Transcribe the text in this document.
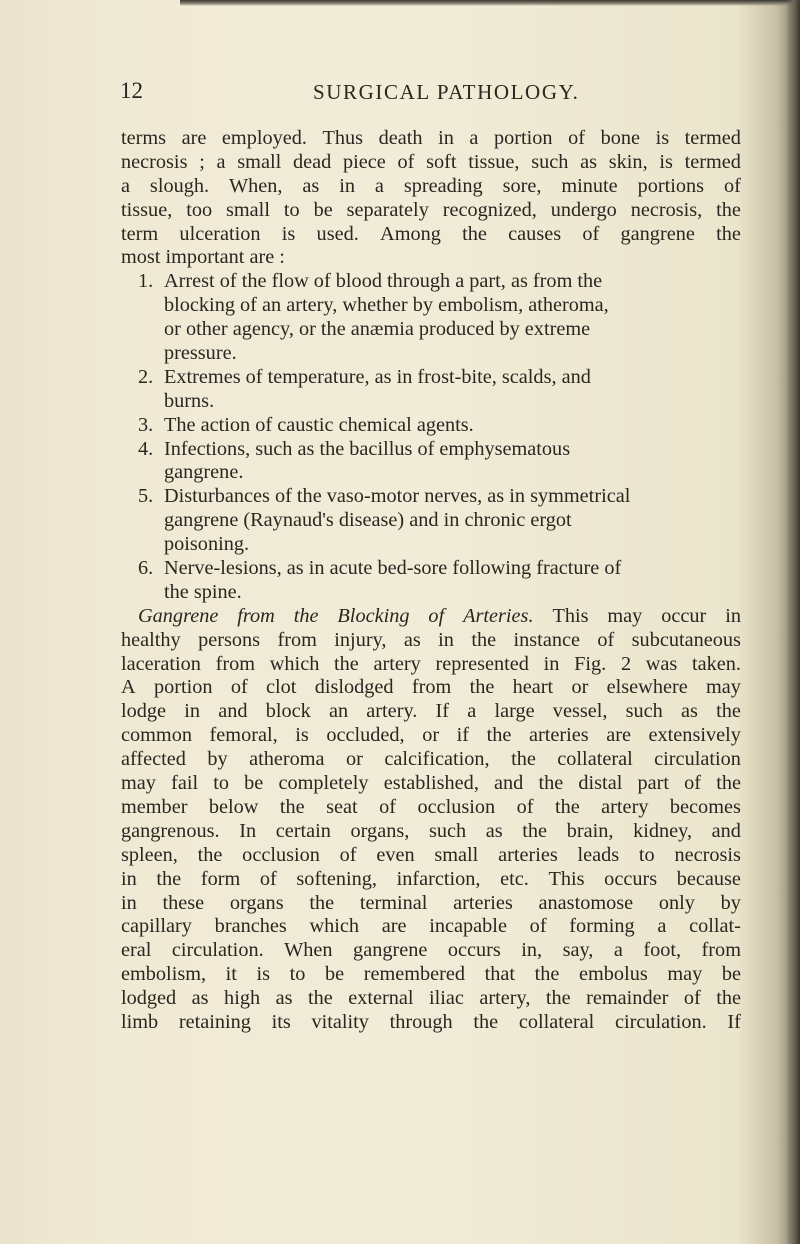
12	SURGICAL PATHOLOGY.
terms are employed. Thus death in a portion of bone is termed
necrosis ; a small dead piece of soft tissue, such as skin, is termed
a slough. When, as in a spreading sore, minute portions of
tissue, too small to be separately recognized, undergo necrosis, the
term ulceration is used. Among the causes of gangrene the
most important are :
1. Arrest of the flow of blood through a part, as from the
blocking of an artery, whether by embolism, atheroma,
or other agency, or the anæmia produced by extreme
pressure.
2. Extremes of temperature, as in frost-bite, scalds, and
burns.
3. The action of caustic chemical agents.
4. Infections, such as the bacillus of emphysematous
gangrene.
5. Disturbances of the vaso-motor nerves, as in symmetrical
gangrene (Raynaud's disease) and in chronic ergot
poisoning.
6. Nerve-lesions, as in acute bed-sore following fracture of
the spine.
Gangrene from the Blocking of Arteries. This may occur in
healthy persons from injury, as in the instance of subcutaneous
laceration from which the artery represented in Fig. 2 was taken.
A portion of clot dislodged from the heart or elsewhere may
lodge in and block an artery. If a large vessel, such as the
common femoral, is occluded, or if the arteries are extensively
affected by atheroma or calcification, the collateral circulation
may fail to be completely established, and the distal part of the
member below the seat of occlusion of the artery becomes
gangrenous. In certain organs, such as the brain, kidney, and
spleen, the occlusion of even small arteries leads to necrosis
in the form of softening, infarction, etc. This occurs because
in these organs the terminal arteries anastomose only by
capillary branches which are incapable of forming a collat-
eral circulation. When gangrene occurs in, say, a foot, from
embolism, it is to be remembered that the embolus may be
lodged as high as the external iliac artery, the remainder of the
limb retaining its vitality through the collateral circulation. If
